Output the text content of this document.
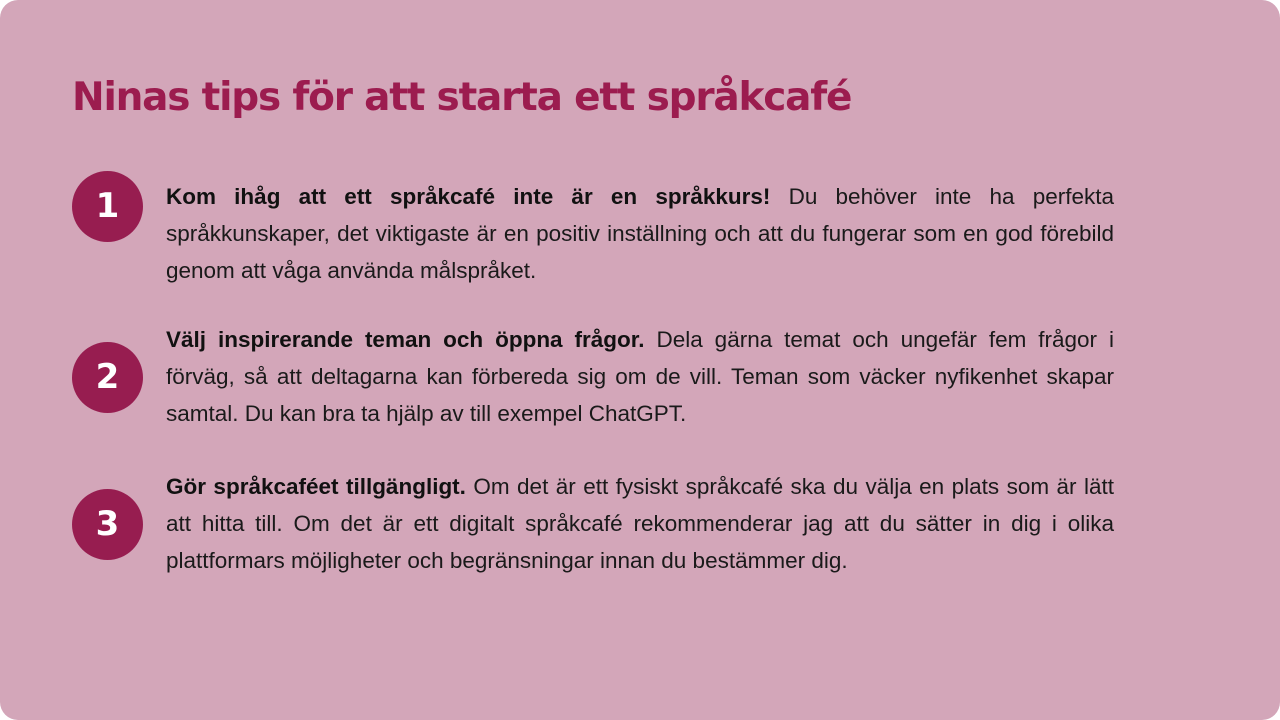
Ninas tips för att starta ett språkcafé
1	Kom ihåg att ett språkcafé inte är en språkkurs! Du behöver inte ha perfekta språkkunskaper, det viktigaste är en positiv inställning och att du fungerar som en god förebild genom att våga använda målspråket.

2

Välj inspirerande teman och öppna frågor. Dela gärna temat och ungefär fem frågor i förväg, så att deltagarna kan förbereda sig om de vill. Teman som väcker nyfikenhet skapar samtal. Du kan bra ta hjälp av till exempel ChatGPT.

3

Gör språkcaféet tillgängligt. Om det är ett fysiskt språkcafé ska du välja en plats som är lätt att hitta till. Om det är ett digitalt språkcafé rekommenderar jag att du sätter in dig i olika plattformars möjligheter och begränsningar innan du bestämmer dig.
